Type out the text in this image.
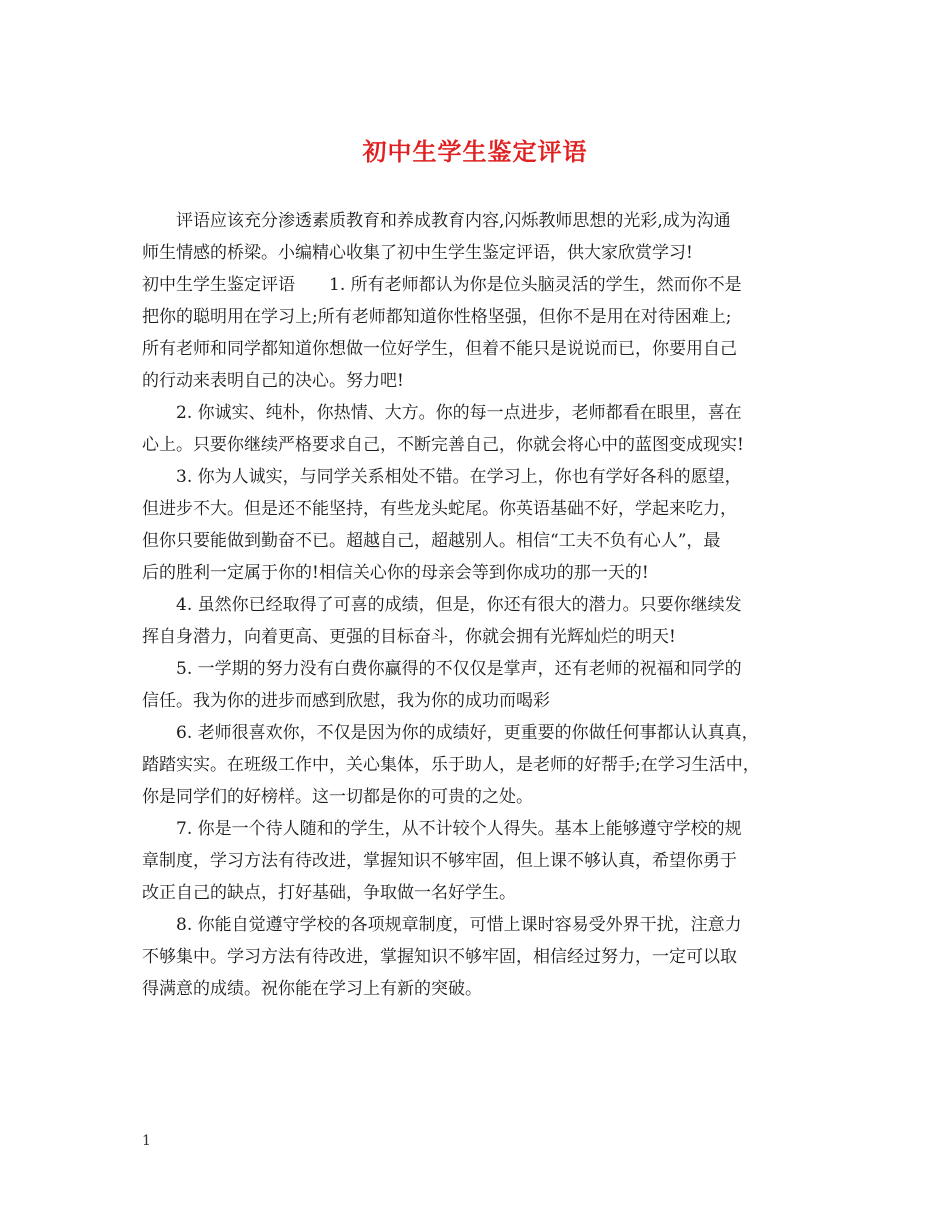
初中生学生鉴定评语

评语应该充分渗透素质教育和养成教育内容,闪烁教师思想的光彩,成为沟通

师生情感的桥梁。小编精心收集了初中生学生鉴定评语，供大家欣赏学习!

初中生学生鉴定评语　　1. 所有老师都认为你是位头脑灵活的学生，然而你不是

把你的聪明用在学习上;所有老师都知道你性格坚强，但你不是用在对待困难上;

所有老师和同学都知道你想做一位好学生，但着不能只是说说而已，你要用自己

的行动来表明自己的决心。努力吧!

2. 你诚实、纯朴，你热情、大方。你的每一点进步，老师都看在眼里，喜在

心上。只要你继续严格要求自己，不断完善自己，你就会将心中的蓝图变成现实!

3. 你为人诚实，与同学关系相处不错。在学习上，你也有学好各科的愿望，

但进步不大。但是还不能坚持，有些龙头蛇尾。你英语基础不好，学起来吃力，

但你只要能做到勤奋不已。超越自己，超越别人。相信“工夫不负有心人”，最

后的胜利一定属于你的!相信关心你的母亲会等到你成功的那一天的!

4. 虽然你已经取得了可喜的成绩，但是，你还有很大的潜力。只要你继续发

挥自身潜力，向着更高、更强的目标奋斗，你就会拥有光辉灿烂的明天!

5. 一学期的努力没有白费你赢得的不仅仅是掌声，还有老师的祝福和同学的

信任。我为你的进步而感到欣慰，我为你的成功而喝彩

6. 老师很喜欢你，不仅是因为你的成绩好，更重要的你做任何事都认认真真，

踏踏实实。在班级工作中，关心集体，乐于助人，是老师的好帮手;在学习生活中，

你是同学们的好榜样。这一切都是你的可贵的之处。

7. 你是一个待人随和的学生，从不计较个人得失。基本上能够遵守学校的规

章制度，学习方法有待改进，掌握知识不够牢固，但上课不够认真，希望你勇于

改正自己的缺点，打好基础，争取做一名好学生。

8. 你能自觉遵守学校的各项规章制度，可惜上课时容易受外界干扰，注意力

不够集中。学习方法有待改进，掌握知识不够牢固，相信经过努力，一定可以取

得满意的成绩。祝你能在学习上有新的突破。

1
